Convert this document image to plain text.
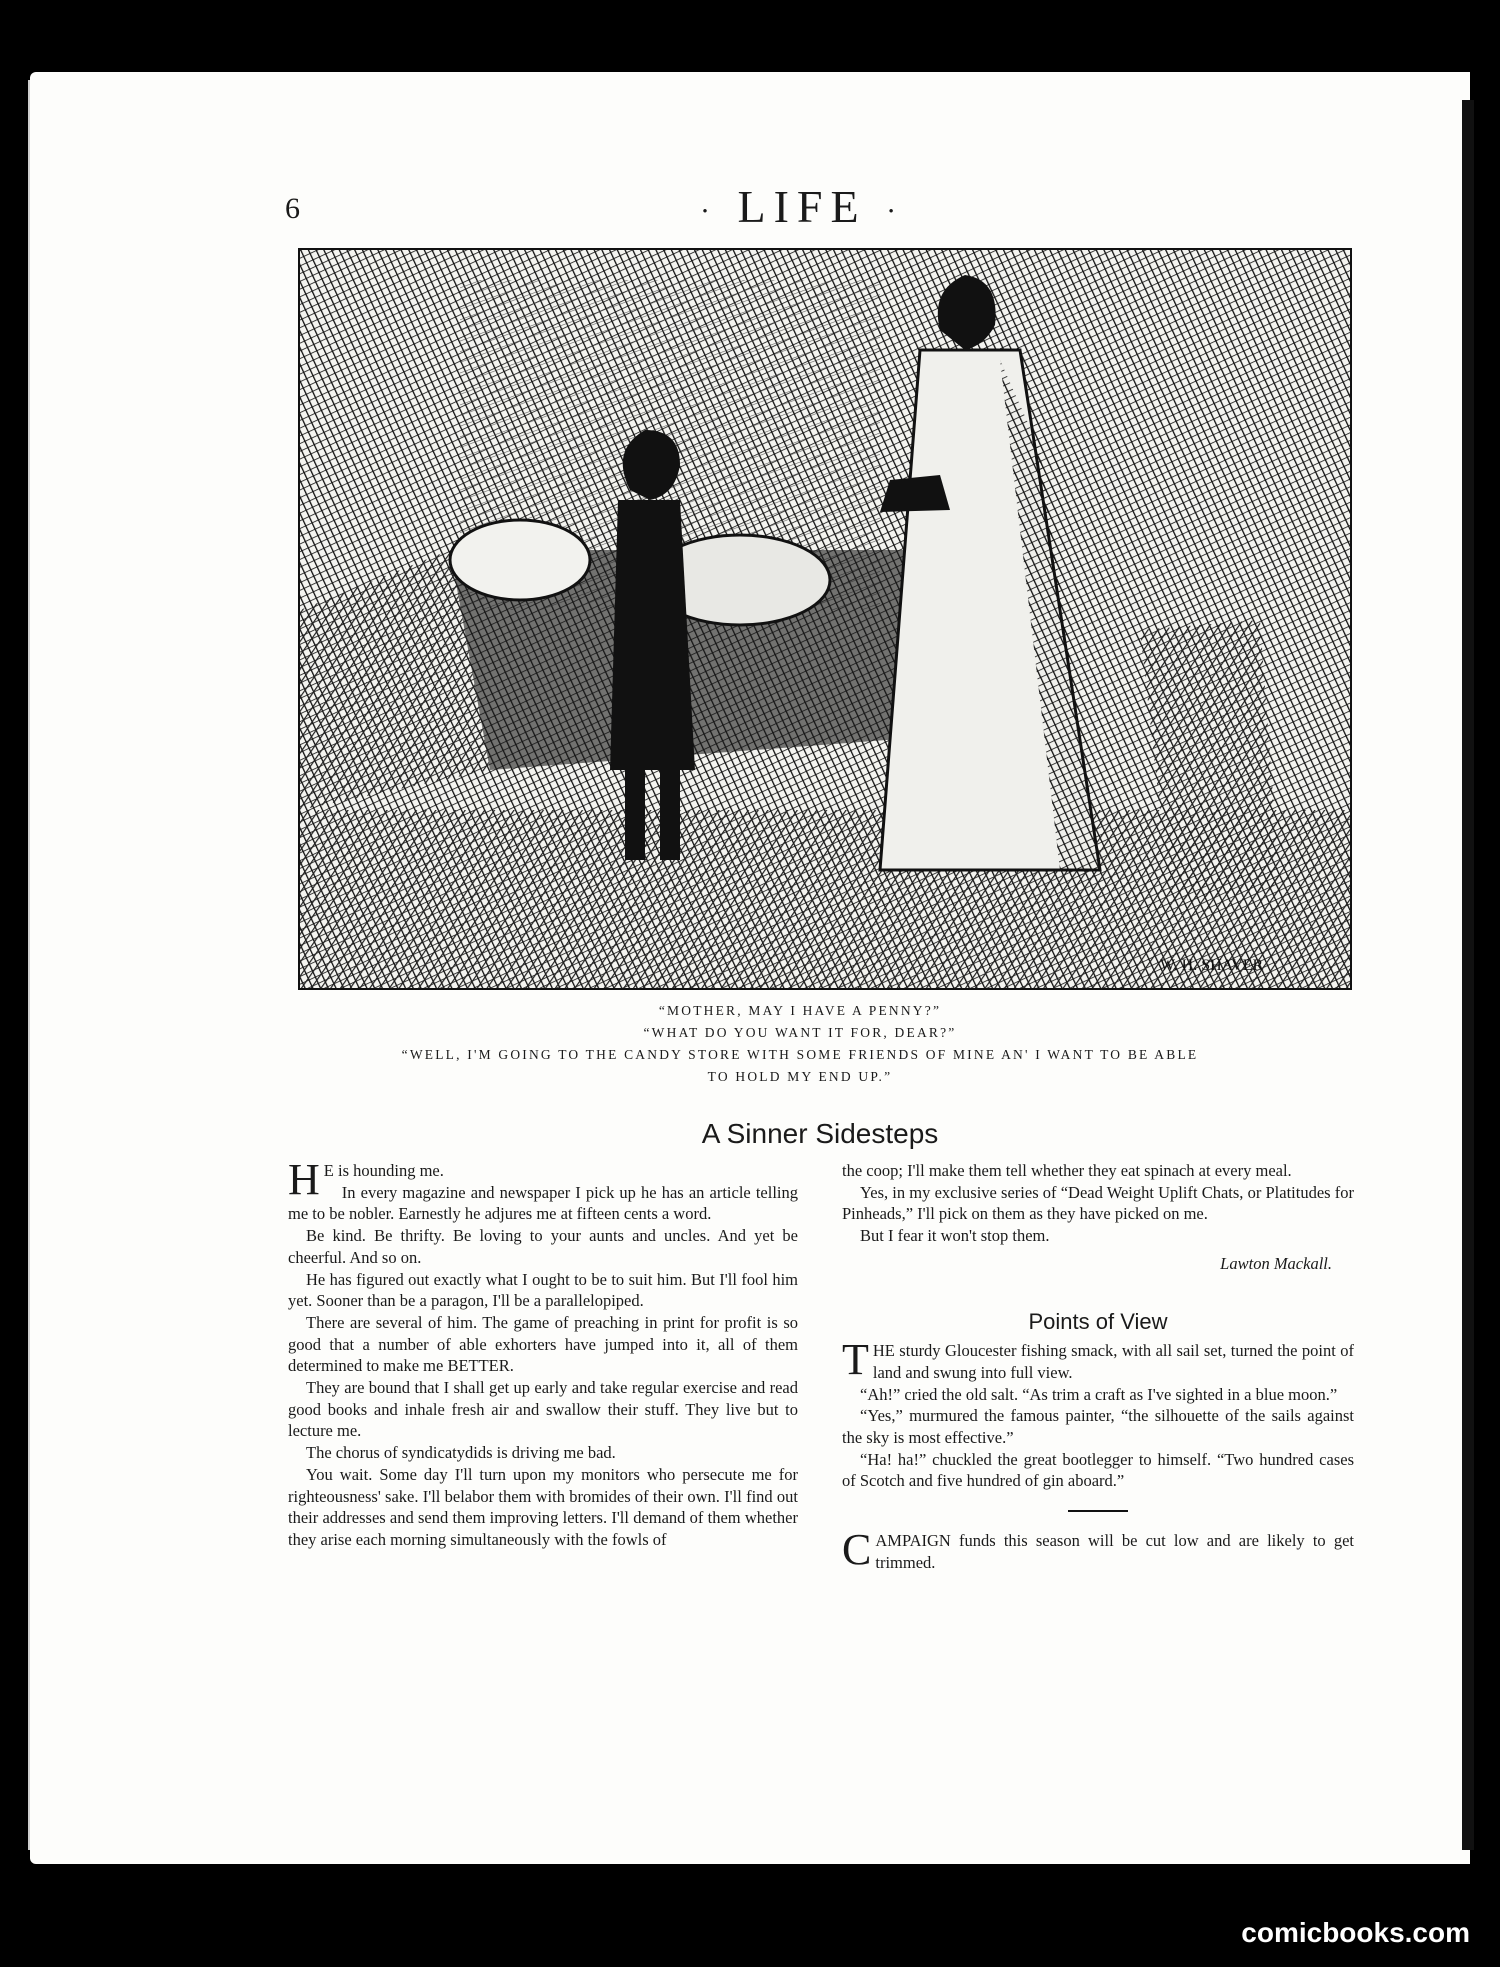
6	· LIFE ·
W. H. SHAVER
“MOTHER, MAY I HAVE A PENNY?”
“WHAT DO YOU WANT IT FOR, DEAR?”
“WELL, I'M GOING TO THE CANDY STORE WITH SOME FRIENDS OF MINE AN' I WANT TO BE ABLE
TO HOLD MY END UP.”
A Sinner Sidesteps

H E is hounding me.

In every magazine and newspaper I pick up he has an article telling me to be nobler. Earnestly he adjures me at fifteen cents a word.

Be kind. Be thrifty. Be loving to your aunts and uncles. And yet be cheerful. And so on.

He has figured out exactly what I ought to be to suit him. But I'll fool him yet. Sooner than be a paragon, I'll be a parallelopiped.

There are several of him. The game of preaching in print for profit is so good that a number of able exhorters have jumped into it, all of them determined to make me BETTER.

They are bound that I shall get up early and take regular exercise and read good books and inhale fresh air and swallow their stuff. They live but to lecture me.

The chorus of syndicatydids is driving me bad.

You wait. Some day I'll turn upon my monitors who persecute me for righteousness' sake. I'll belabor them with bromides of their own. I'll find out their addresses and send them improving letters. I'll demand of them whether they arise each morning simultaneously with the fowls of

the coop; I'll make them tell whether they eat spinach at every meal.

Yes, in my exclusive series of “Dead Weight Uplift Chats, or Platitudes for Pinheads,” I'll pick on them as they have picked on me.

But I fear it won't stop them.

Lawton Mackall.
Points of View

THE sturdy Gloucester fishing smack, with all sail set, turned the point of land and swung into full view.

“Ah!” cried the old salt. “As trim a craft as I've sighted in a blue moon.”

“Yes,” murmured the famous painter, “the silhouette of the sails against the sky is most effective.”

“Ha! ha!” chuckled the great bootlegger to himself. “Two hundred cases of Scotch and five hundred of gin aboard.”

CAMPAIGN funds this season will be cut low and are likely to get trimmed.

comicbooks.com
